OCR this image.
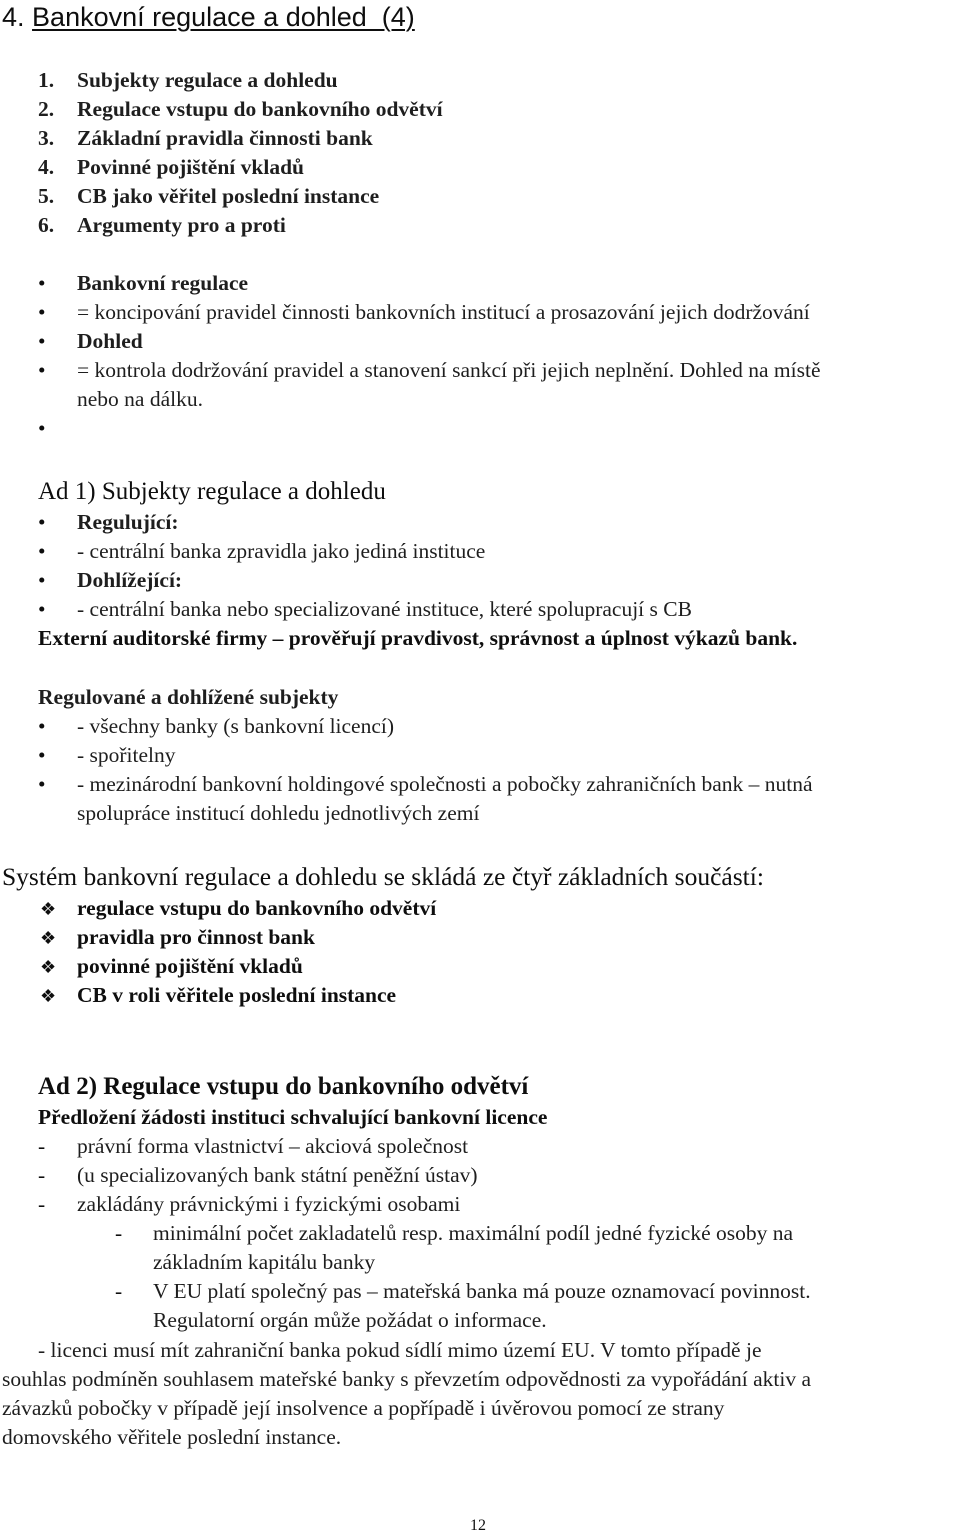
4. Bankovní regulace a dohled  (4)
1. Subjekty regulace a dohledu
2. Regulace vstupu do bankovního odvětví
3. Základní pravidla činnosti bank
4. Povinné pojištění vkladů
5. CB jako věřitel poslední instance
6. Argumenty pro a proti
• Bankovní regulace
• = koncipování pravidel činnosti bankovních institucí a prosazování jejich dodržování
• Dohled
• = kontrola dodržování pravidel a stanovení sankcí při jejich neplnění. Dohled na místě
nebo na dálku.
•
Ad 1) Subjekty regulace a dohledu
• Regulující:
• - centrální banka zpravidla jako jediná instituce
• Dohlížející:
• - centrální banka nebo specializované instituce, které spolupracují s CB
Externí auditorské firmy – prověřují pravdivost, správnost a úplnost výkazů bank.
Regulované a dohlížené subjekty
• - všechny banky (s bankovní licencí)
• - spořitelny
• - mezinárodní bankovní holdingové společnosti a pobočky zahraničních bank – nutná
spolupráce institucí dohledu jednotlivých zemí
Systém bankovní regulace a dohledu se skládá ze čtyř základních součástí:
❖ regulace vstupu do bankovního odvětví
❖ pravidla pro činnost bank
❖ povinné pojištění vkladů
❖ CB v roli věřitele poslední instance
Ad 2) Regulace vstupu do bankovního odvětví
Předložení žádosti instituci schvalující bankovní licence
- právní forma vlastnictví – akciová společnost
- (u specializovaných bank státní peněžní ústav)
- zakládány právnickými i fyzickými osobami
- minimální počet zakladatelů resp. maximální podíl jedné fyzické osoby na
základním kapitálu banky
- V EU platí společný pas – mateřská banka má pouze oznamovací povinnost.
Regulatorní orgán může požádat o informace.
- licenci musí mít zahraniční banka pokud sídlí mimo území EU. V tomto případě je
souhlas podmíněn souhlasem mateřské banky s převzetím odpovědnosti za vypořádání aktiv a
závazků pobočky v případě její insolvence a popřípadě i úvěrovou pomocí ze strany
domovského věřitele poslední instance.
12
